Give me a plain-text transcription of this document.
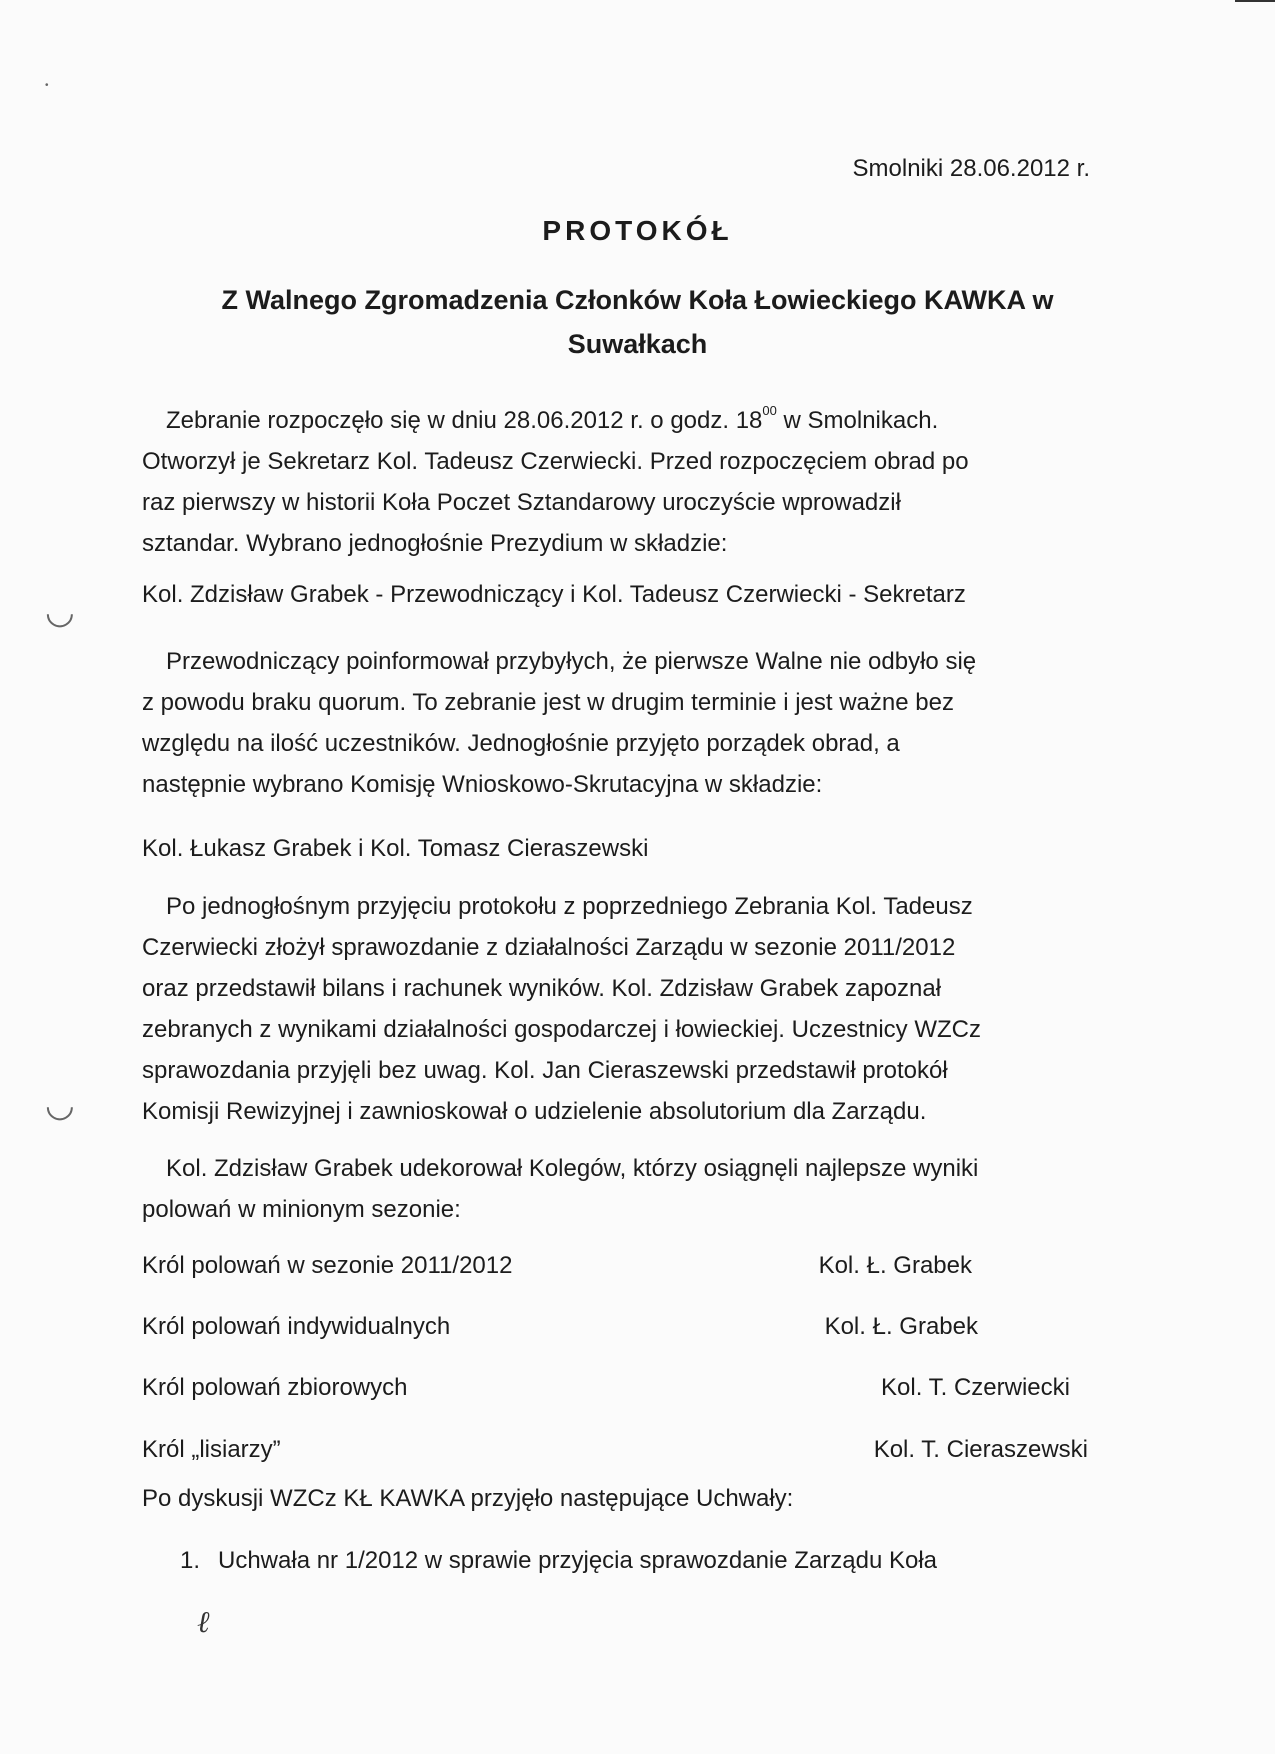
•
◡
◡
Smolniki 28.06.2012 r.
PROTOKÓŁ
Z Walnego Zgromadzenia Członków Koła Łowieckiego KAWKA w
Suwałkach
Zebranie rozpoczęło się w dniu 28.06.2012 r. o godz. $18^{00}$ w Smolnikach.
Otworzył je Sekretarz Kol. Tadeusz Czerwiecki. Przed rozpoczęciem obrad po
raz pierwszy w historii Koła Poczet Sztandarowy uroczyście wprowadził
sztandar. Wybrano jednogłośnie Prezydium w składzie:
Kol. Zdzisław Grabek - Przewodniczący i Kol. Tadeusz Czerwiecki - Sekretarz
Przewodniczący poinformował przybyłych, że pierwsze Walne nie odbyło się
z powodu braku quorum. To zebranie jest w drugim terminie i jest ważne bez
względu na ilość uczestników. Jednogłośnie przyjęto porządek obrad, a
następnie wybrano Komisję Wnioskowo-Skrutacyjna w składzie:
Kol. Łukasz Grabek i Kol. Tomasz Cieraszewski
Po jednogłośnym przyjęciu protokołu z poprzedniego Zebrania Kol. Tadeusz
Czerwiecki złożył sprawozdanie z działalności Zarządu w sezonie 2011/2012
oraz przedstawił bilans i rachunek wyników. Kol. Zdzisław Grabek zapoznał
zebranych z wynikami działalności gospodarczej i łowieckiej. Uczestnicy WZCz
sprawozdania przyjęli bez uwag. Kol. Jan Cieraszewski przedstawił protokół
Komisji Rewizyjnej i zawnioskował o udzielenie absolutorium dla Zarządu.
Kol. Zdzisław Grabek udekorował Kolegów, którzy osiągnęli najlepsze wyniki
polowań w minionym sezonie:
Król polowań w sezonie 2011/2012	Kol. Ł. Grabek
Król polowań indywidualnych	Kol. Ł. Grabek
Król polowań zbiorowych	Kol. T. Czerwiecki
Król „lisiarzy”	Kol. T. Cieraszewski
Po dyskusji WZCz KŁ KAWKA przyjęło następujące Uchwały:
1. Uchwała nr 1/2012 w sprawie przyjęcia sprawozdanie Zarządu Koła
ℓ
